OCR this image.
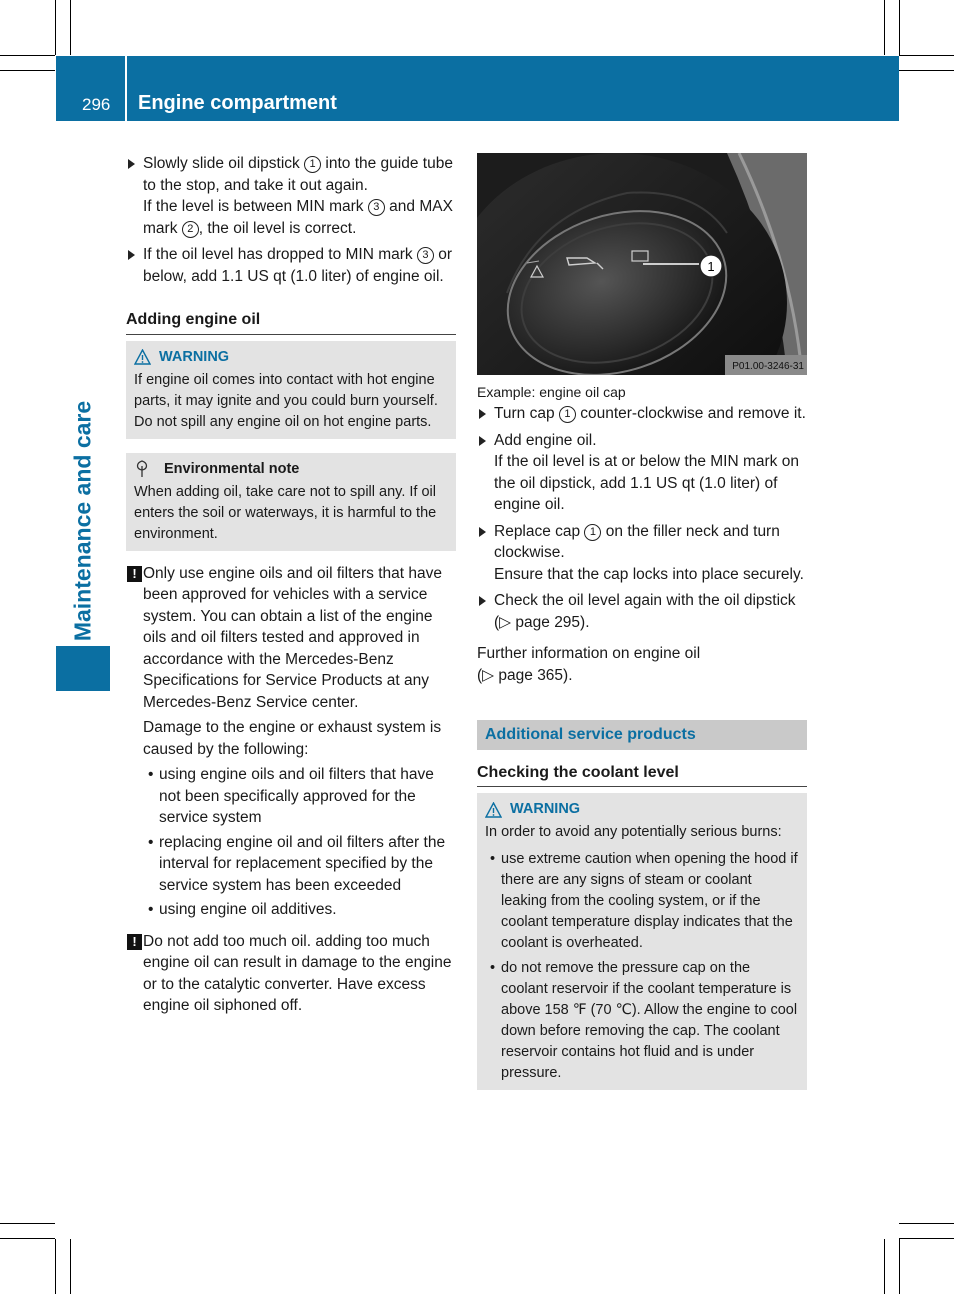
296 Engine compartment
Maintenance and care

Slowly slide oil dipstick 1 into the guide tube to the stop, and take it out again.

If the level is between MIN mark 3 and MAX mark 2 , the oil level is correct.

If the oil level has dropped to MIN mark 3 or below, add 1.1 US qt (1.0 liter) of engine oil.

Adding engine oil
WARNING
If engine oil comes into contact with hot engine parts, it may ignite and you could burn yourself. Do not spill any engine oil on hot engine parts.
Environmental note
When adding oil, take care not to spill any. If oil enters the soil or waterways, it is harmful to the environment.
! Only use engine oils and oil filters that have been approved for vehicles with a service system. You can obtain a list of the engine oils and oil filters tested and approved in accordance with the Mercedes-Benz Specifications for Service Products at any Mercedes-Benz Service center.

Damage to the engine or exhaust system is caused by the following:

• using engine oils and oil filters that have not been specifically approved for the service system
• replacing engine oil and oil filters after the interval for replacement specified by the service system has been exceeded
• using engine oil additives.
! Do not add too much oil. adding too much engine oil can result in damage to the engine or to the catalytic converter. Have excess engine oil siphoned off.

1
P01.00-3246-31
Example: engine oil cap

Turn cap 1 counter-clockwise and remove it.

Add engine oil.

If the oil level is at or below the MIN mark on the oil dipstick, add 1.1 US qt (1.0 liter) of engine oil.

Replace cap 1 on the filler neck and turn clockwise.

Ensure that the cap locks into place securely.

Check the oil level again with the oil dipstick (▷ page 295).

Further information on engine oil
(▷ page 365).
Additional service products
Checking the coolant level
WARNING
In order to avoid any potentially serious burns:
• use extreme caution when opening the hood if there are any signs of steam or coolant leaking from the cooling system, or if the coolant temperature display indicates that the coolant is overheated.
• do not remove the pressure cap on the coolant reservoir if the coolant temperature is above 158 ℉ (70 ℃). Allow the engine to cool down before removing the cap. The coolant reservoir contains hot fluid and is under pressure.
